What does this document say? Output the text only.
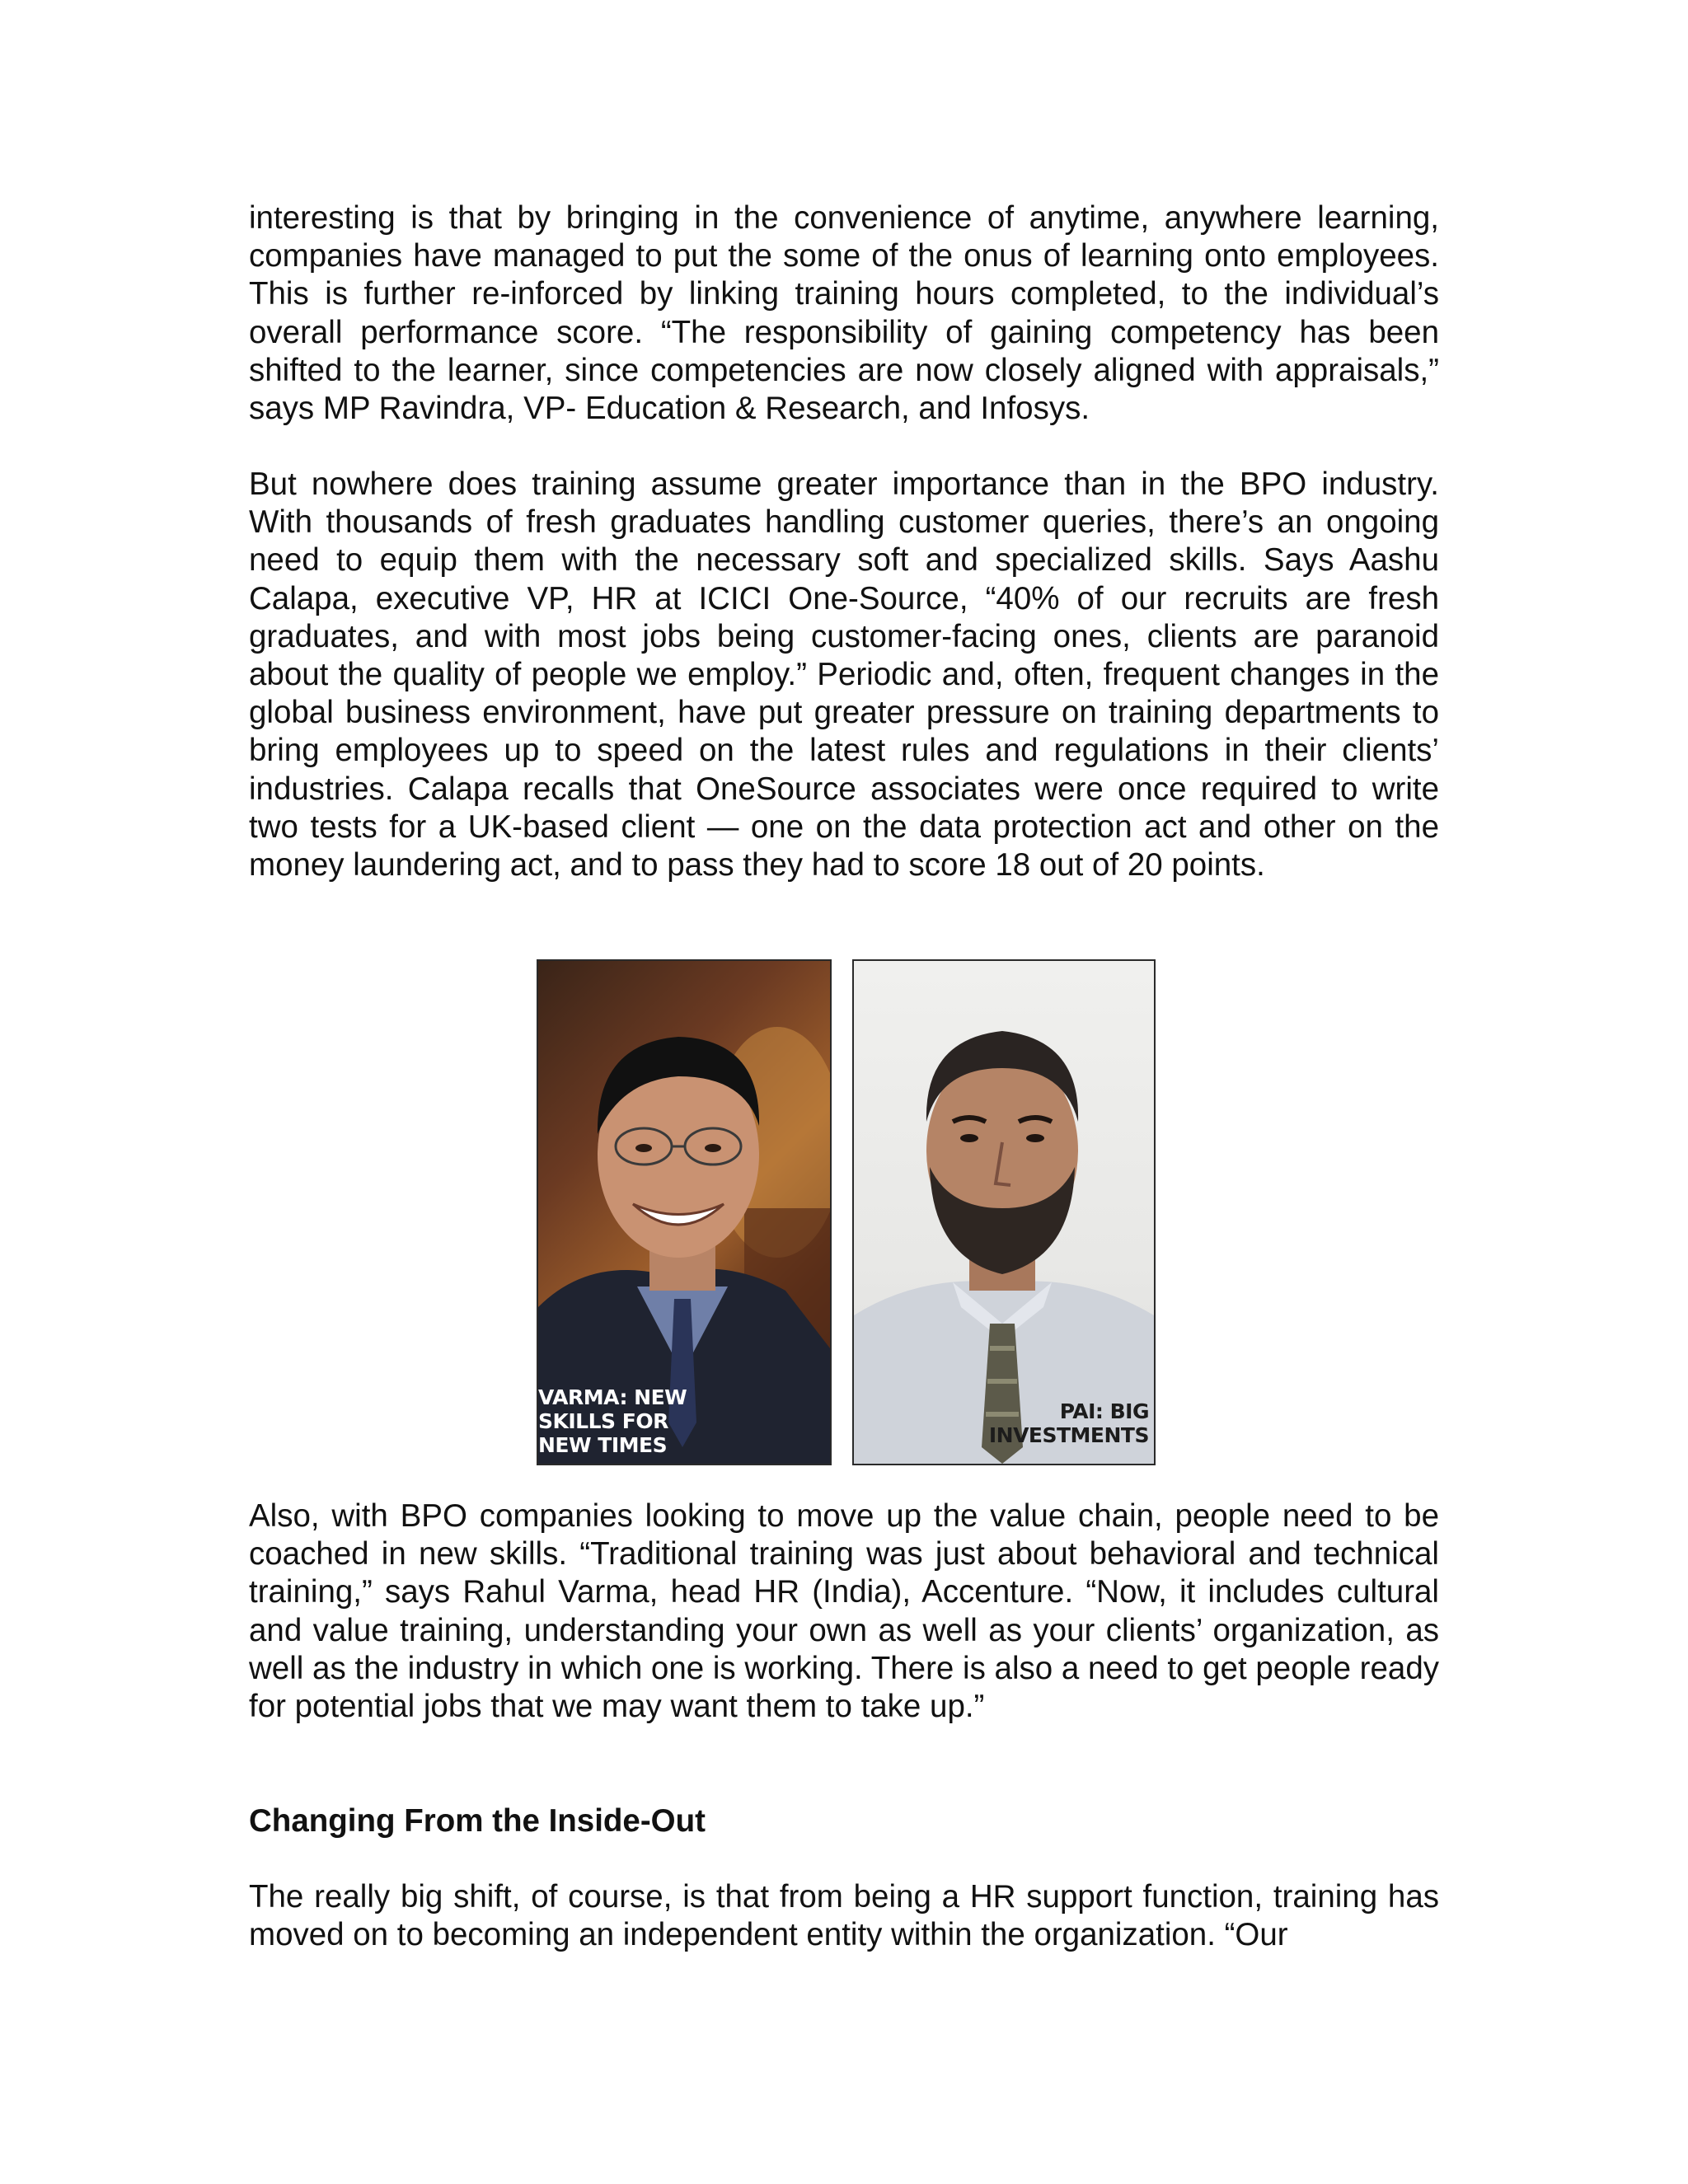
interesting is that by bringing in the convenience of anytime, anywhere learning, companies have managed to put the some of the onus of learning onto employees. This is further re-inforced by linking training hours completed, to the individual’s overall performance score. “The responsibility of gaining competency has been shifted to the learner, since competencies are now closely aligned with appraisals,” says MP Ravindra, VP- Education & Research, and Infosys.

But nowhere does training assume greater importance than in the BPO industry. With thousands of fresh graduates handling customer queries, there’s an ongoing need to equip them with the necessary soft and specialized skills. Says Aashu Calapa, executive VP, HR at ICICI One-Source, “40% of our recruits are fresh graduates, and with most jobs being customer-facing ones, clients are paranoid about the quality of people we employ.” Periodic and, often, frequent changes in the global business environment, have put greater pressure on training departments to bring employees up to speed on the latest rules and regulations in their clients’ industries. Calapa recalls that OneSource associates were once required to write two tests for a UK-based client — one on the data protection act and other on the money laundering act, and to pass they had to score 18 out of 20 points.

VARMA: NEW
SKILLS FOR
NEW TIMES
PAI: BIG
INVESTMENTS

Also, with BPO companies looking to move up the value chain, people need to be coached in new skills. “Traditional training was just about behavioral and technical training,” says Rahul Varma, head HR (India), Accenture. “Now, it includes cultural and value training, understanding your own as well as your clients’ organization, as well as the industry in which one is working. There is also a need to get people ready for potential jobs that we may want them to take up.”

Changing From the Inside-Out

The really big shift, of course, is that from being a HR support function, training has moved on to becoming an independent entity within the organization. “Our
